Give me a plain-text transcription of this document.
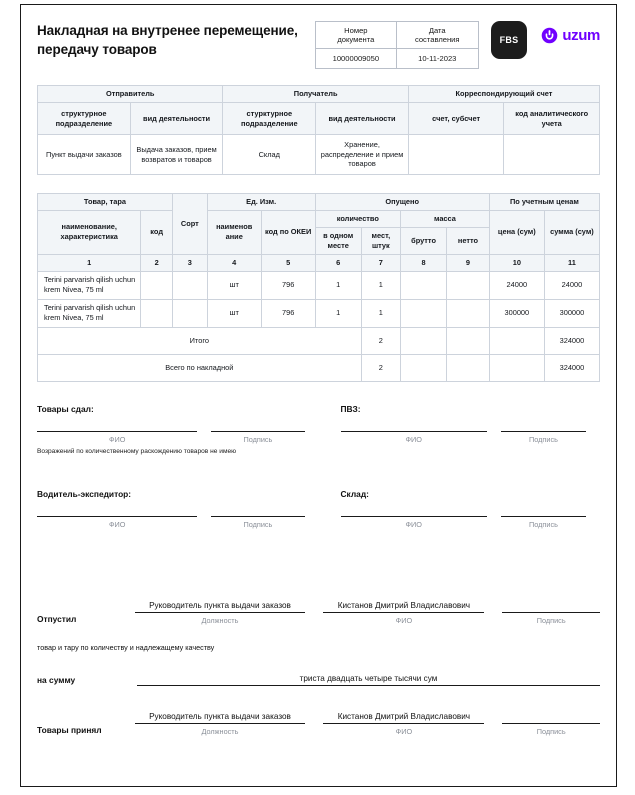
Накладная на внутренее перемещение, передачу товаров
Номер документа	Дата составления
10000009050	10-11-2023
FBS	uzum
Отправитель		Получатель		Корреспондирующий счет	
структурное подразделение	вид деятельности	стурктурное подразделение	вид деятельности	счет, субсчет	код аналитического учета
Пункт выдачи заказов	Выдача заказов, прием возвратов и товаров	Склад	Хранение, распределение и прием товаров		
Товар, тара		Сорт	Ед. Изм.		Опущено				По учетным ценам	
наименование, характеристика	код		наименов ание	код по ОКЕИ	количество		масса		цена (сум)	сумма (сум)
					в одном месте	мест, штук	брутто	нетто		
1	2	3	4	5	6	7	8	9	10	11
Terini parvarish qilish uchun krem Nivea, 75 ml			шт	796	1	1			24000	24000
Terini parvarish qilish uchun krem Nivea, 75 ml			шт	796	1	1			300000	300000
Итого						2				324000
Всего по накладной						2				324000
Товары сдал:
ФИО	Подпись
Возражений по количественному раскождению товаров не имею
ПВЗ:
ФИО	Подпись
Водитель-экспедитор:
ФИО	Подпись
Склад:
ФИО	Подпись
Отпустил
Руководитель пункта выдачи заказов
Должность
Кистанов Дмитрий Владиславович
ФИО	Подпись
товар и тару по количеству и надлежащему качеству
на сумму	триста двадцать четыре тысячи сум
Товары принял
Руководитель пункта выдачи заказов
Должность
Кистанов Дмитрий Владиславович
ФИО	Подпись
